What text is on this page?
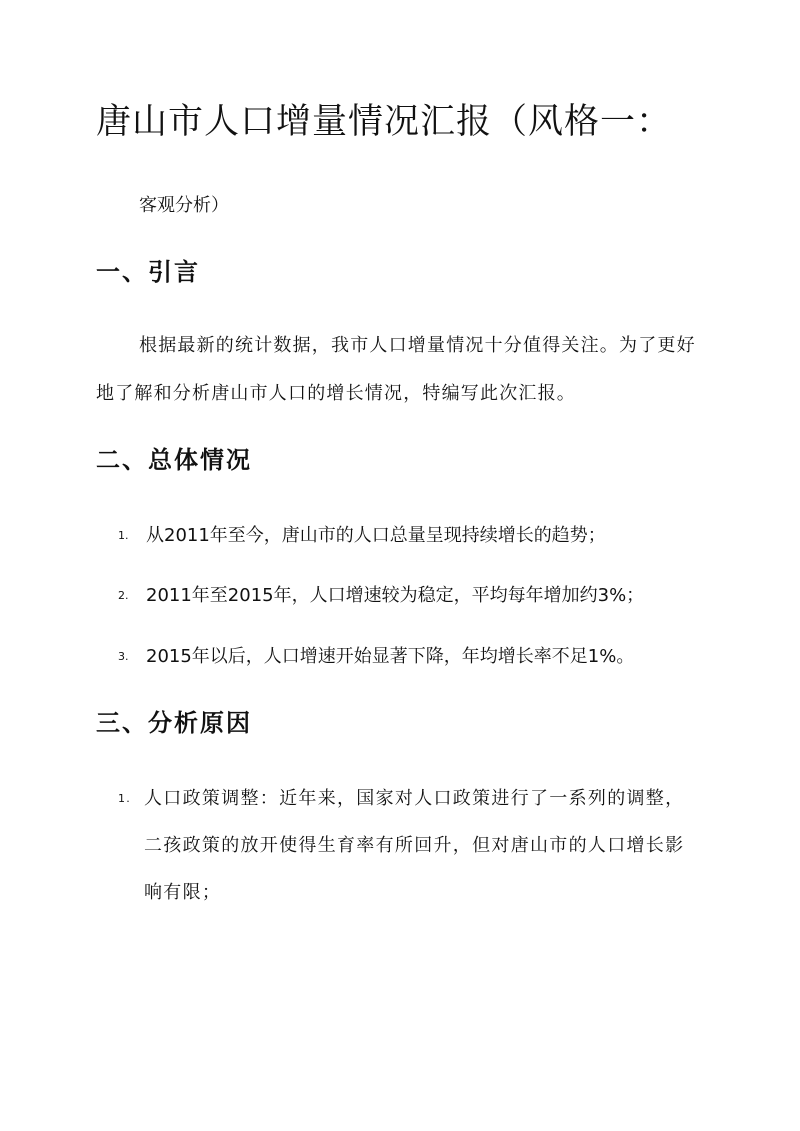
唐山市人口增量情况汇报（风格一：
客观分析）
一、引言
根据最新的统计数据，我市人口增量情况十分值得关注。为了更好地了解和分析唐山市人口的增长情况，特编写此次汇报。
二、总体情况
1. 从2011年至今，唐山市的人口总量呈现持续增长的趋势；
2. 2011年至2015年，人口增速较为稳定，平均每年增加约3%；
3. 2015年以后，人口增速开始显著下降，年均增长率不足1%。
三、分析原因
1. 人口政策调整：近年来，国家对人口政策进行了一系列的调整，二孩政策的放开使得生育率有所回升，但对唐山市的人口增长影响有限；
